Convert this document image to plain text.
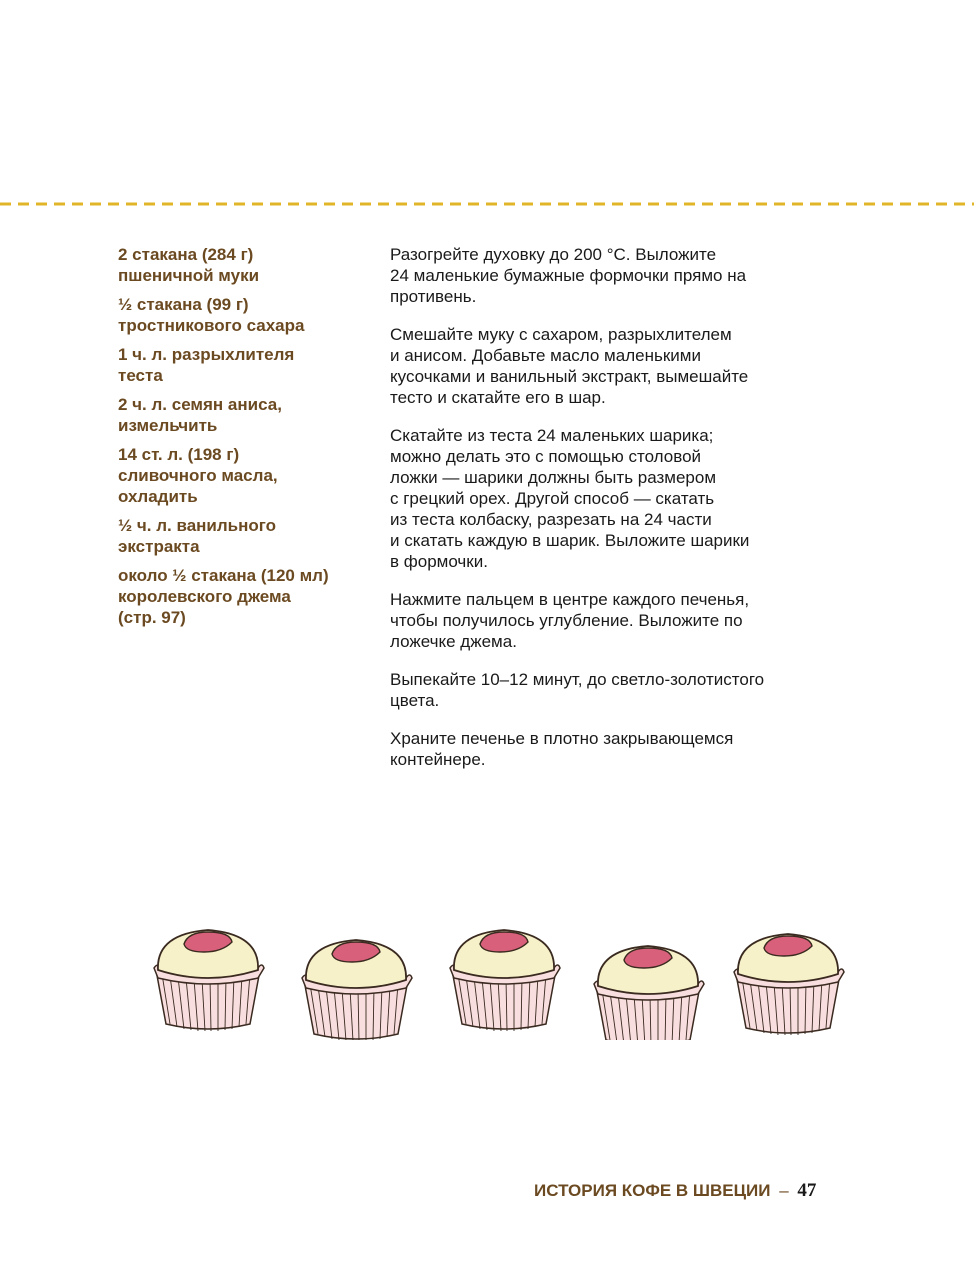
2 стакана (284 г)
пшеничной муки
½ стакана (99 г)
тростникового сахара
1 ч. л. разрыхлителя
теста
2 ч. л. семян аниса,
измельчить
14 ст. л. (198 г)
сливочного масла,
охладить
½ ч. л. ванильного
экстракта
около ½ стакана (120 мл)
королевского джема
(стр. 97)
Разогрейте духовку до 200 °С. Выложите
24 маленькие бумажные формочки прямо на
противень.
Смешайте муку с сахаром, разрыхлителем
и анисом. Добавьте масло маленькими
кусочками и ванильный экстракт, вымешайте
тесто и скатайте его в шар.
Скатайте из теста 24 маленьких шарика;
можно делать это с помощью столовой
ложки — шарики должны быть размером
с грецкий орех. Другой способ — скатать
из теста колбаску, разрезать на 24 части
и скатать каждую в шарик. Выложите шарики
в формочки.
Нажмите пальцем в центре каждого печенья,
чтобы получилось углубление. Выложите по
ложечке джема.
Выпекайте 10–12 минут, до светло-золотистого
цвета.
Храните печенье в плотно закрывающемся
контейнере.
ИСТОРИЯ КОФЕ В ШВЕЦИИ – 47
